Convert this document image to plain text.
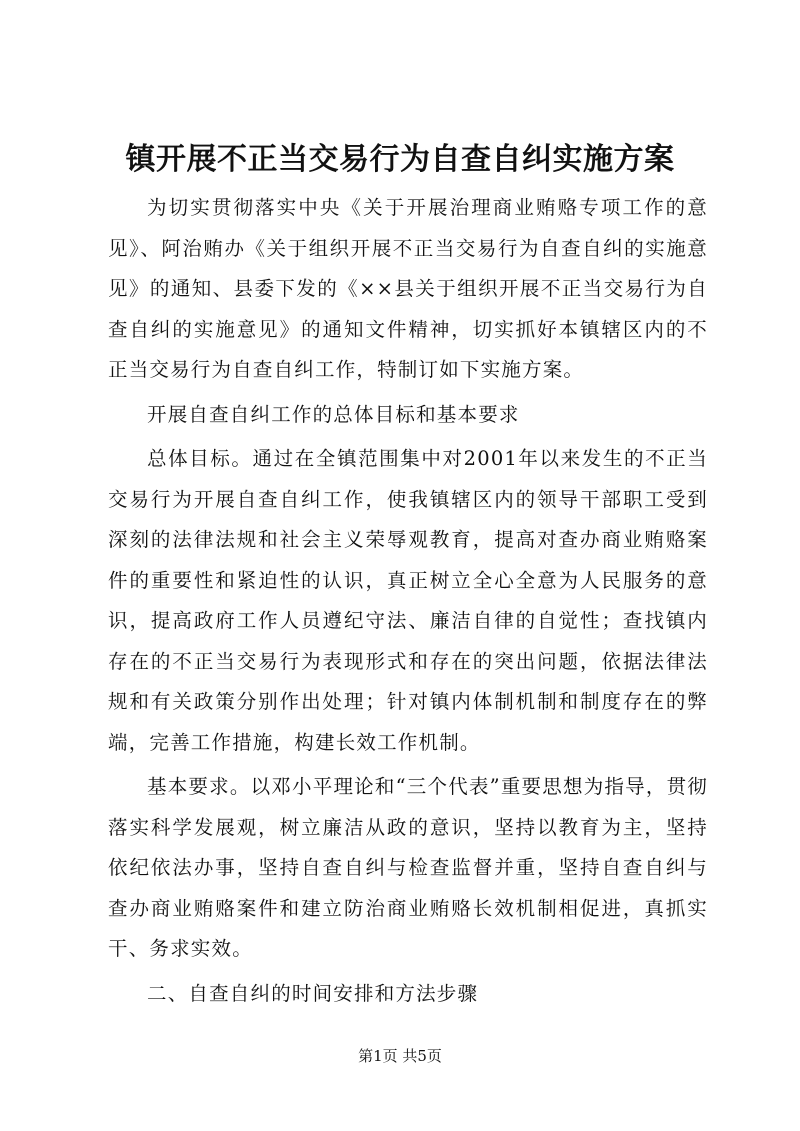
镇开展不正当交易行为自查自纠实施方案

为切实贯彻落实中央《关于开展治理商业贿赂专项工作的意见》、阿治贿办《关于组织开展不正当交易行为自查自纠的实施意见》的通知、县委下发的《××县关于组织开展不正当交易行为自查自纠的实施意见》的通知文件精神，切实抓好本镇辖区内的不正当交易行为自查自纠工作，特制订如下实施方案。

开展自查自纠工作的总体目标和基本要求

总体目标。通过在全镇范围集中对2001年以来发生的不正当交易行为开展自查自纠工作，使我镇辖区内的领导干部职工受到深刻的法律法规和社会主义荣辱观教育，提高对查办商业贿赂案件的重要性和紧迫性的认识，真正树立全心全意为人民服务的意识，提高政府工作人员遵纪守法、廉洁自律的自觉性；查找镇内存在的不正当交易行为表现形式和存在的突出问题，依据法律法规和有关政策分别作出处理；针对镇内体制机制和制度存在的弊端，完善工作措施，构建长效工作机制。

基本要求。以邓小平理论和“三个代表”重要思想为指导，贯彻落实科学发展观，树立廉洁从政的意识，坚持以教育为主，坚持依纪依法办事，坚持自查自纠与检查监督并重，坚持自查自纠与查办商业贿赂案件和建立防治商业贿赂长效机制相促进，真抓实干、务求实效。

二、自查自纠的时间安排和方法步骤

第1页 共5页
